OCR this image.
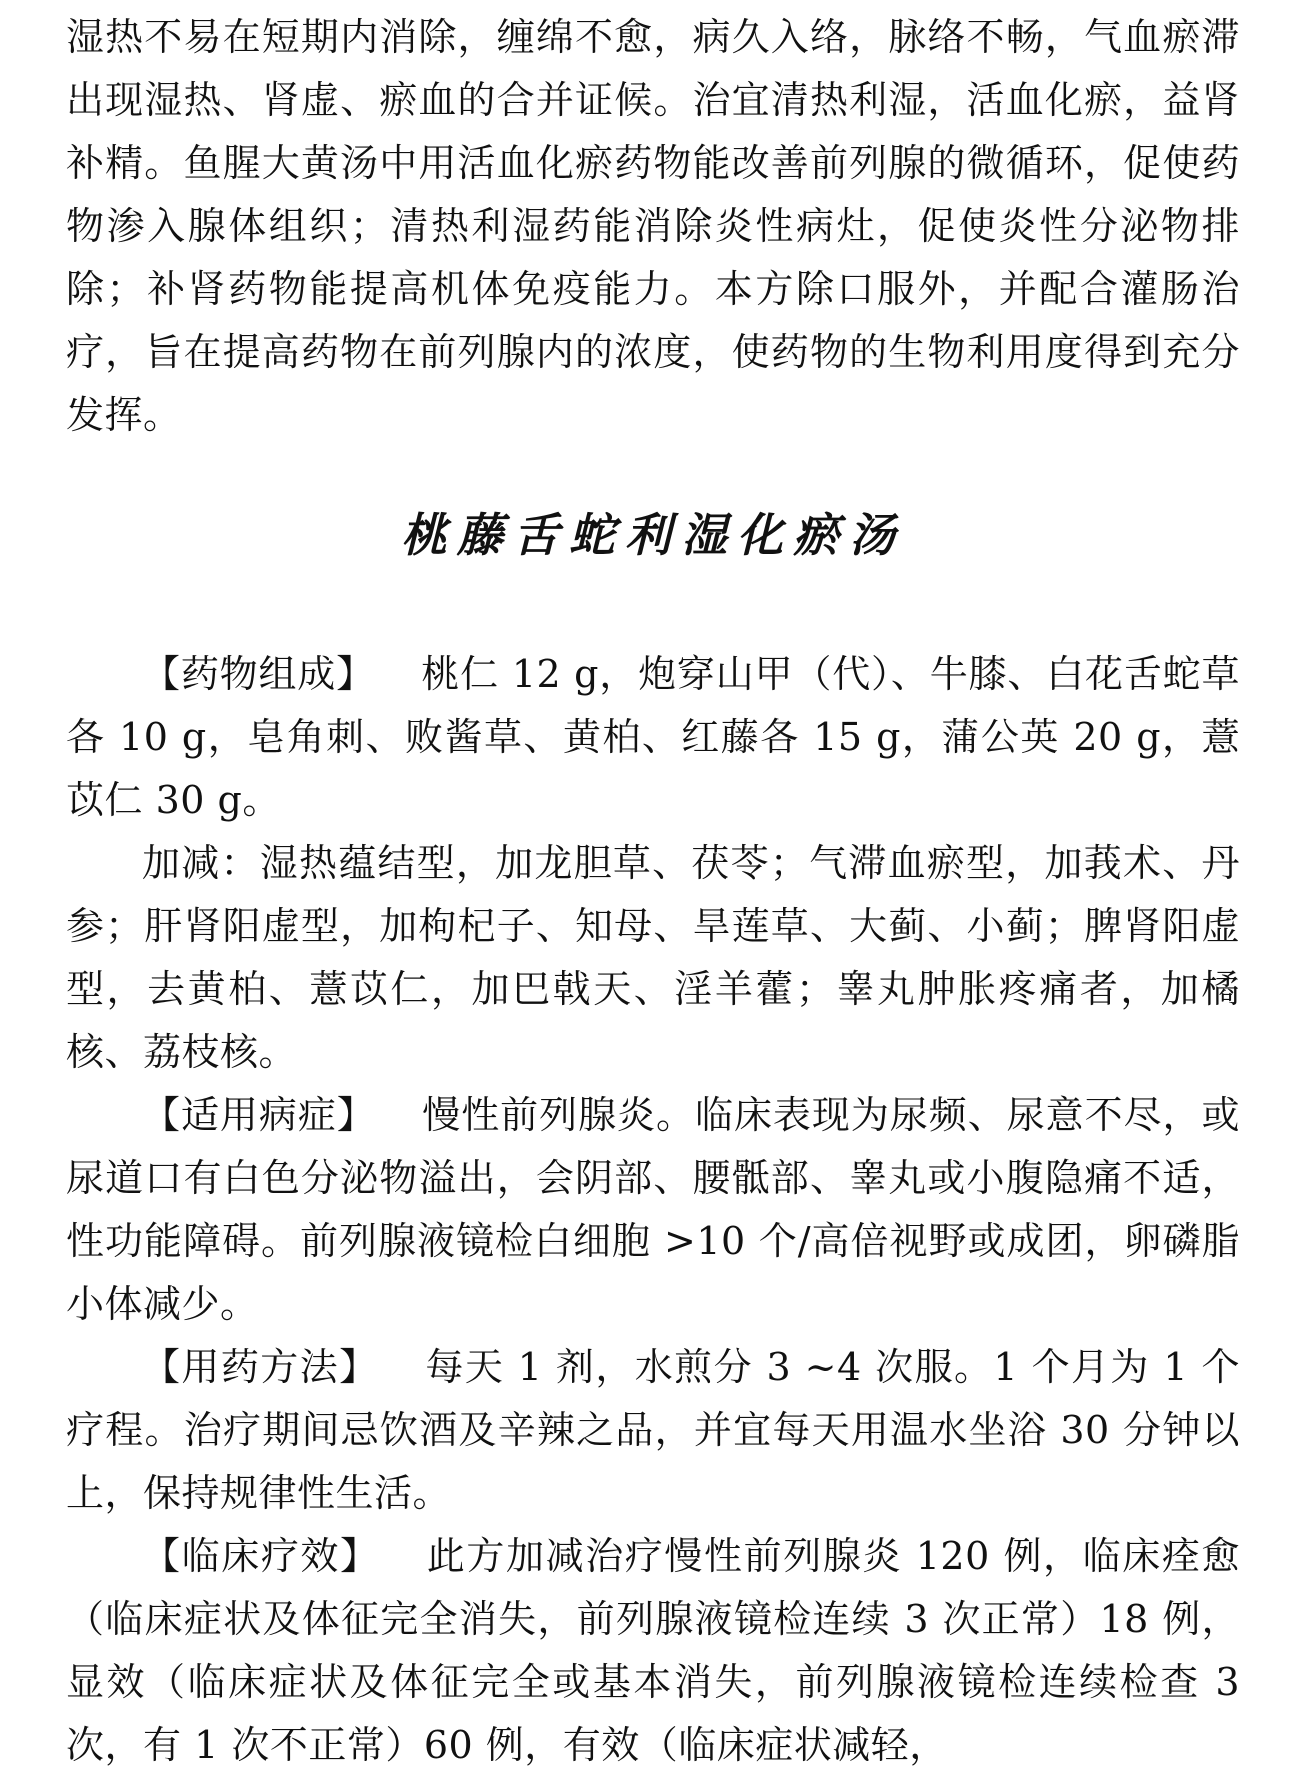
湿热不易在短期内消除，缠绵不愈，病久入络，脉络不畅，气血瘀滞出现湿热、肾虚、瘀血的合并证候。治宜清热利湿，活血化瘀，益肾补精。鱼腥大黄汤中用活血化瘀药物能改善前列腺的微循环，促使药物渗入腺体组织；清热利湿药能消除炎性病灶，促使炎性分泌物排除；补肾药物能提高机体免疫能力。本方除口服外，并配合灌肠治疗，旨在提高药物在前列腺内的浓度，使药物的生物利用度得到充分发挥。

桃藤舌蛇利湿化瘀汤

【药物组成】 桃仁 12 g，炮穿山甲（代）、牛膝、白花舌蛇草各 10 g，皂角刺、败酱草、黄柏、红藤各 15 g，蒲公英 20 g，薏苡仁 30 g。

加减：湿热蕴结型，加龙胆草、茯苓；气滞血瘀型，加莪术、丹参；肝肾阳虚型，加枸杞子、知母、旱莲草、大蓟、小蓟；脾肾阳虚型，去黄柏、薏苡仁，加巴戟天、淫羊藿；睾丸肿胀疼痛者，加橘核、荔枝核。

【适用病症】 慢性前列腺炎。临床表现为尿频、尿意不尽，或尿道口有白色分泌物溢出，会阴部、腰骶部、睾丸或小腹隐痛不适，性功能障碍。前列腺液镜检白细胞 >10 个/高倍视野或成团，卵磷脂小体减少。

【用药方法】 每天 1 剂，水煎分 3 ~4 次服。1 个月为 1 个疗程。治疗期间忌饮酒及辛辣之品，并宜每天用温水坐浴 30 分钟以上，保持规律性生活。

【临床疗效】 此方加减治疗慢性前列腺炎 120 例，临床痊愈（临床症状及体征完全消失，前列腺液镜检连续 3 次正常）18 例，显效（临床症状及体征完全或基本消失，前列腺液镜检连续检查 3 次，有 1 次不正常）60 例，有效（临床症状减轻，
